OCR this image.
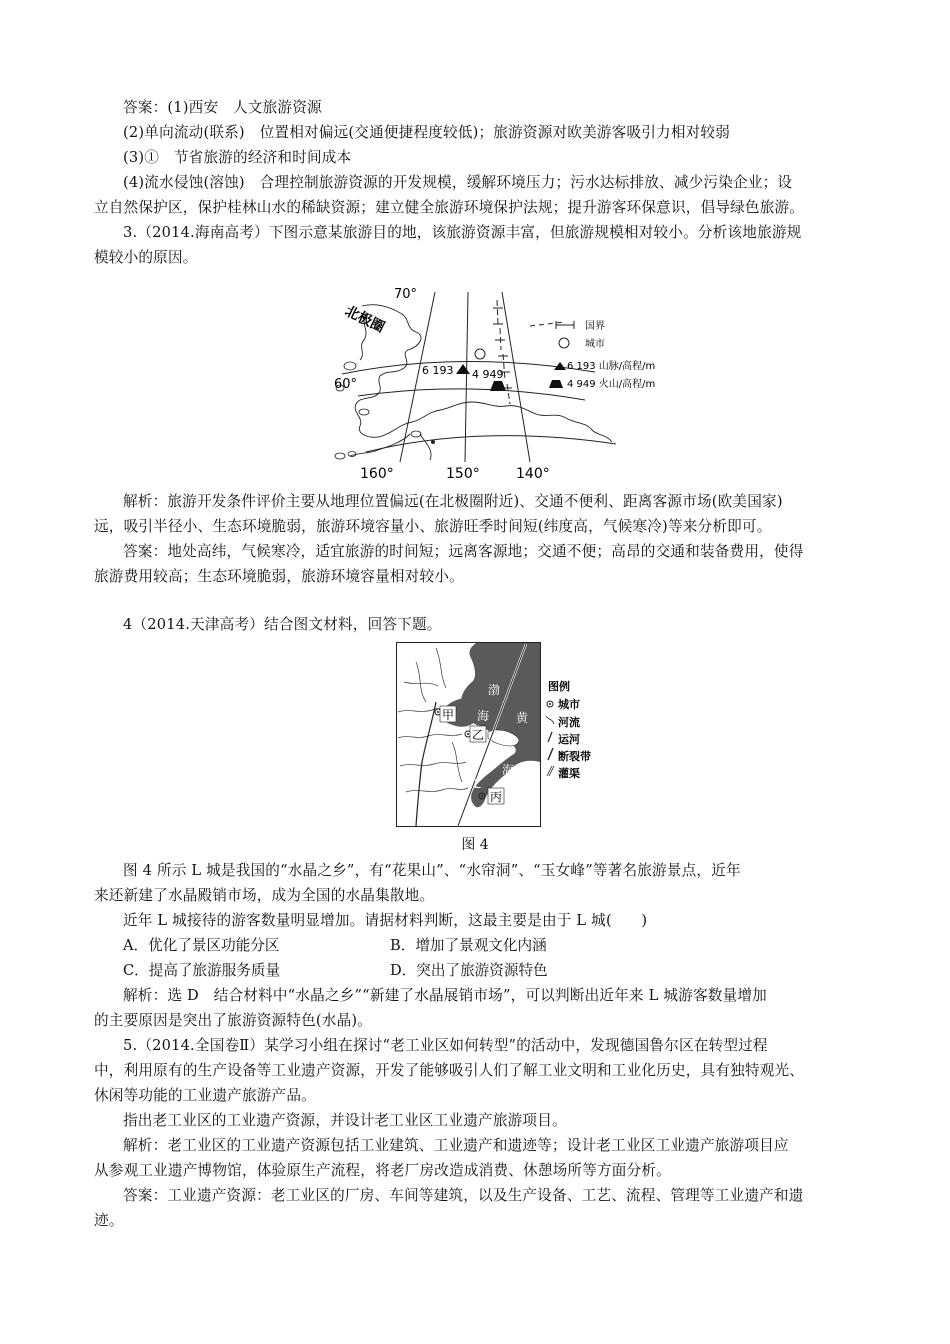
答案：(1)西安　人文旅游资源
(2)单向流动(联系)　位置相对偏远(交通便捷程度较低)；旅游资源对欧美游客吸引力相对较弱
(3)①　节省旅游的经济和时间成本
(4)流水侵蚀(溶蚀)　合理控制旅游资源的开发规模，缓解环境压力；污水达标排放、减少污染企业；设
立自然保护区，保护桂林山水的稀缺资源；建立健全旅游环境保护法规；提升游客环保意识，倡导绿色旅游。
3.（2014.海南高考）下图示意某旅游目的地，该旅游资源丰富，但旅游规模相对较小。分析该地旅游规
模较小的原因。
70°
60°
北极圈
160°	150°	140°
6 193 4 949
国界
城市
6 193 山脉/高程/m
4 949 火山/高程/m
解析：旅游开发条件评价主要从地理位置偏远(在北极圈附近)、交通不便利、距离客源市场(欧美国家)
远，吸引半径小、生态环境脆弱，旅游环境容量小、旅游旺季时间短(纬度高，气候寒冷)等来分析即可。
答案：地处高纬，气候寒冷，适宜旅游的时间短；远离客源地；交通不便；高昂的交通和装备费用，使得
旅游费用较高；生态环境脆弱，旅游环境容量相对较小。
4（2014.天津高考）结合图文材料，回答下题。
渤
海 黄
海
甲
乙
丙
L
图例
城市
河流
运河
断裂带
灌渠
图 4
图 4 所示 L 城是我国的“水晶之乡”，有“花果山”、“水帘洞”、“玉女峰”等著名旅游景点，近年
来还新建了水晶殿销市场，成为全国的水晶集散地。
近年 L 城接待的游客数量明显增加。请据材料判断，这最主要是由于 L 城(　　)
A．优化了景区功能分区	B．增加了景观文化内涵
C．提高了旅游服务质量	D．突出了旅游资源特色
解析：选 D　结合材料中“水晶之乡”“新建了水晶展销市场”，可以判断出近年来 L 城游客数量增加
的主要原因是突出了旅游资源特色(水晶)。
5.（2014.全国卷Ⅱ）某学习小组在探讨“老工业区如何转型”的活动中，发现德国鲁尔区在转型过程
中，利用原有的生产设备等工业遗产资源，开发了能够吸引人们了解工业文明和工业化历史，具有独特观光、
休闲等功能的工业遗产旅游产品。
指出老工业区的工业遗产资源，并设计老工业区工业遗产旅游项目。
解析：老工业区的工业遗产资源包括工业建筑、工业遗产和遗迹等；设计老工业区工业遗产旅游项目应
从参观工业遗产博物馆，体验原生产流程，将老厂房改造成消费、休憩场所等方面分析。
答案：工业遗产资源：老工业区的厂房、车间等建筑，以及生产设备、工艺、流程、管理等工业遗产和遗
迹。
